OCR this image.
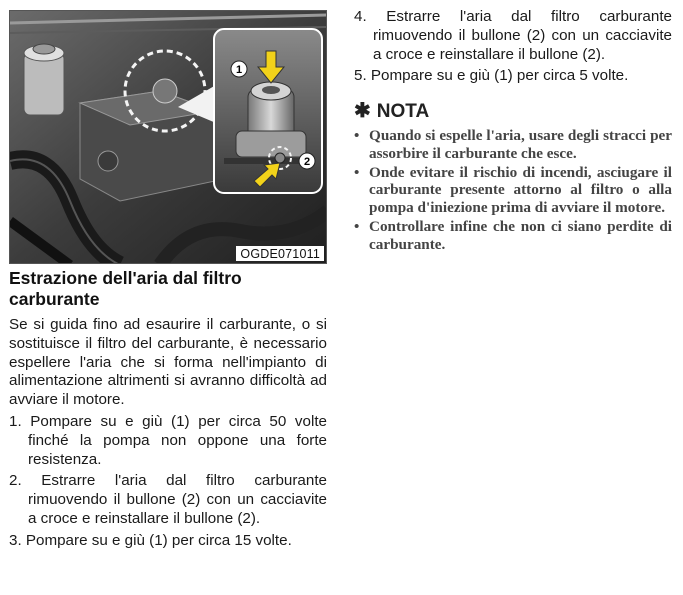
1
2
OGDE071011
Estrazione dell'aria dal filtro carburante

Se si guida fino ad esaurire il carburante, o si sostituisce il filtro del carburante, è necessario espellere l'aria che si forma nell'impianto di alimentazione altrimenti si avranno difficoltà ad avviare il motore.

1. Pompare su e giù (1) per circa 50 volte finché la pompa non oppone una forte resistenza.
2. Estrarre l'aria dal filtro carburante rimuovendo il bullone (2) con un cacciavite a croce e reinstallare il bullone (2).
3. Pompare su e giù (1) per circa 15 volte.
4. Estrarre l'aria dal filtro carburante rimuovendo il bullone (2) con un cacciavite a croce e reinstallare il bullone (2).
5. Pompare su e giù (1) per circa 5 volte.
✱ NOTA
• Quando si espelle l'aria, usare degli stracci per assorbire il carburante che esce.
• Onde evitare il rischio di incendi, asciugare il carburante presente attorno al filtro o alla pompa d'iniezione prima di avviare il motore.
• Controllare infine che non ci siano perdite di carburante.
